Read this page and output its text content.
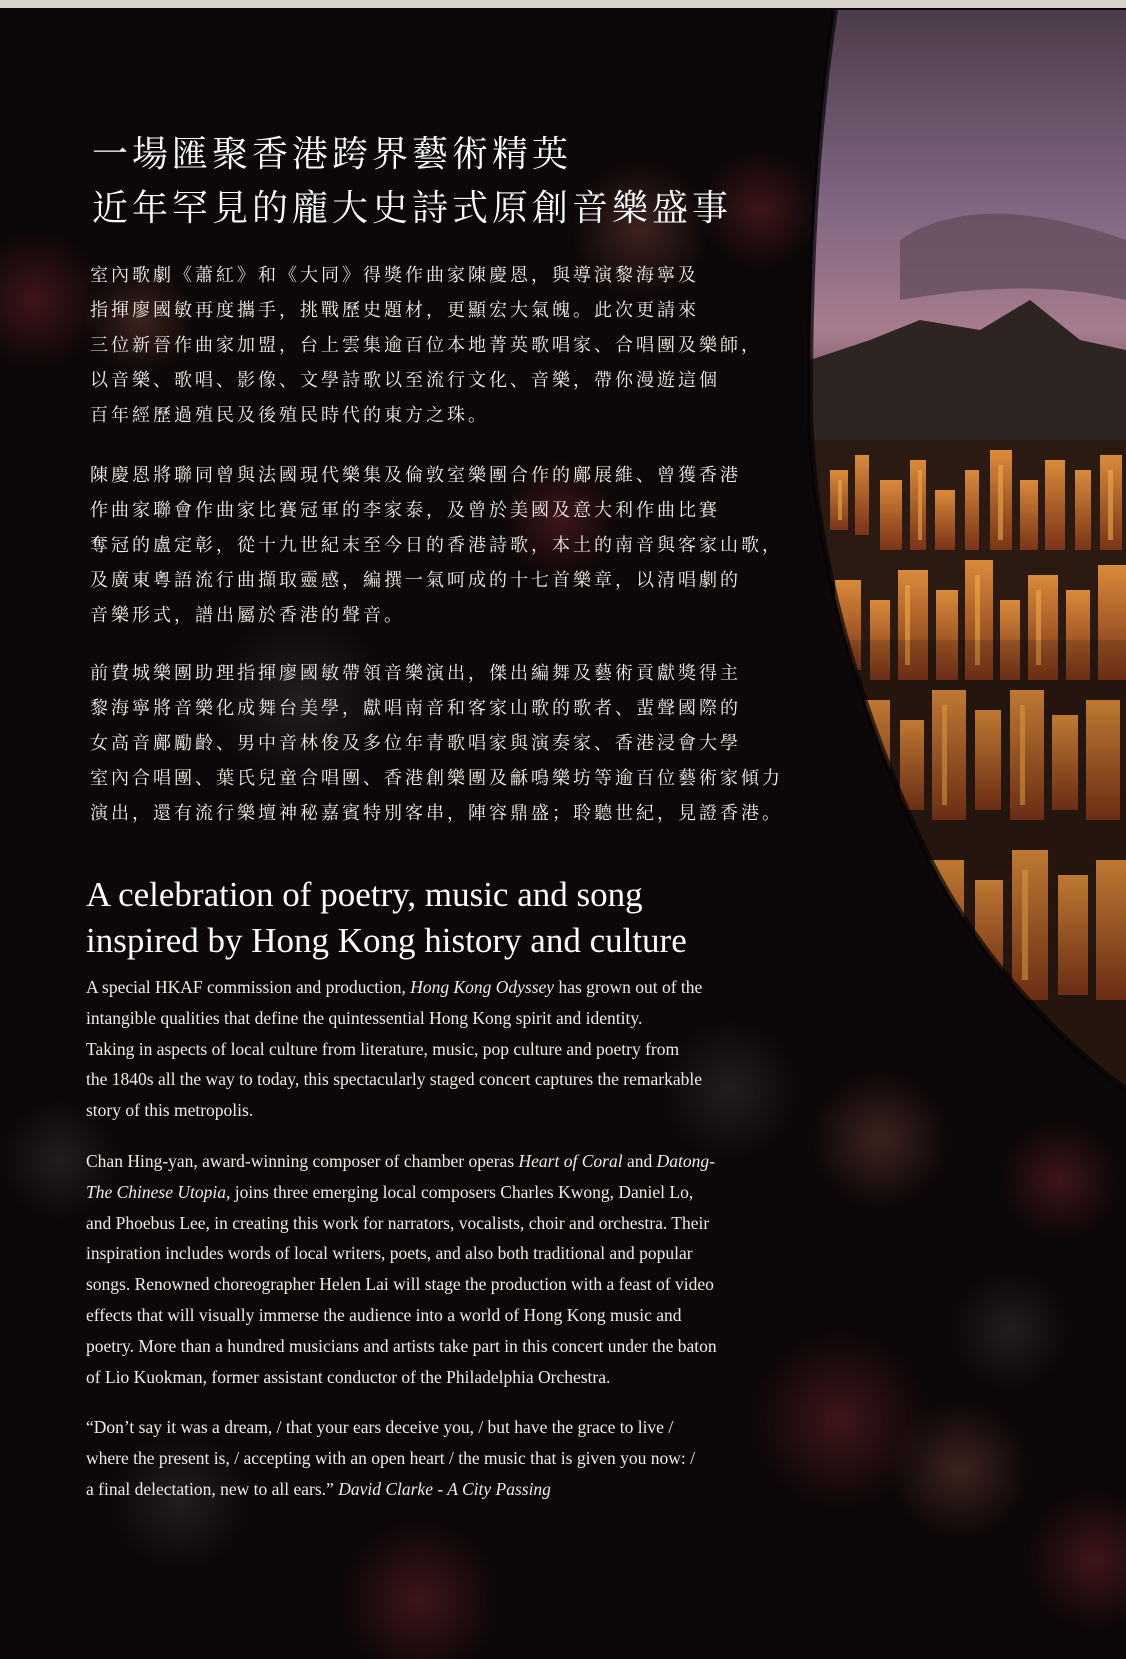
一場匯聚香港跨界藝術精英
近年罕見的龐大史詩式原創音樂盛事

室內歌劇《蕭紅》和《大同》得獎作曲家陳慶恩，與導演黎海寧及
指揮廖國敏再度攜手，挑戰歷史題材，更顯宏大氣魄。此次更請來
三位新晉作曲家加盟，台上雲集逾百位本地菁英歌唱家、合唱團及樂師，
以音樂、歌唱、影像、文學詩歌以至流行文化、音樂，帶你漫遊這個
百年經歷過殖民及後殖民時代的東方之珠。

陳慶恩將聯同曾與法國現代樂集及倫敦室樂團合作的鄺展維、曾獲香港
作曲家聯會作曲家比賽冠軍的李家泰，及曾於美國及意大利作曲比賽
奪冠的盧定彰，從十九世紀末至今日的香港詩歌，本土的南音與客家山歌，
及廣東粵語流行曲擷取靈感，編撰一氣呵成的十七首樂章，以清唱劇的
音樂形式，譜出屬於香港的聲音。

前費城樂團助理指揮廖國敏帶領音樂演出，傑出編舞及藝術貢獻獎得主
黎海寧將音樂化成舞台美學，獻唱南音和客家山歌的歌者、蜚聲國際的
女高音鄺勵齡、男中音林俊及多位年青歌唱家與演奏家、香港浸會大學
室內合唱團、葉氏兒童合唱團、香港創樂團及龢鳴樂坊等逾百位藝術家傾力
演出，還有流行樂壇神秘嘉賓特別客串，陣容鼎盛；聆聽世紀，見證香港。

A celebration of poetry, music and song
inspired by Hong Kong history and culture

A special HKAF commission and production, Hong Kong Odyssey has grown out of the
intangible qualities that define the quintessential Hong Kong spirit and identity.
Taking in aspects of local culture from literature, music, pop culture and poetry from
the 1840s all the way to today, this spectacularly staged concert captures the remarkable
story of this metropolis.

Chan Hing-yan, award-winning composer of chamber operas Heart of Coral and Datong-
The Chinese Utopia, joins three emerging local composers Charles Kwong, Daniel Lo,
and Phoebus Lee, in creating this work for narrators, vocalists, choir and orchestra. Their
inspiration includes words of local writers, poets, and also both traditional and popular
songs. Renowned choreographer Helen Lai will stage the production with a feast of video
effects that will visually immerse the audience into a world of Hong Kong music and
poetry. More than a hundred musicians and artists take part in this concert under the baton
of Lio Kuokman, former assistant conductor of the Philadelphia Orchestra.

“Don’t say it was a dream, / that your ears deceive you, / but have the grace to live /
where the present is, / accepting with an open heart / the music that is given you now: /
a final delectation, new to all ears.” David Clarke - A City Passing
